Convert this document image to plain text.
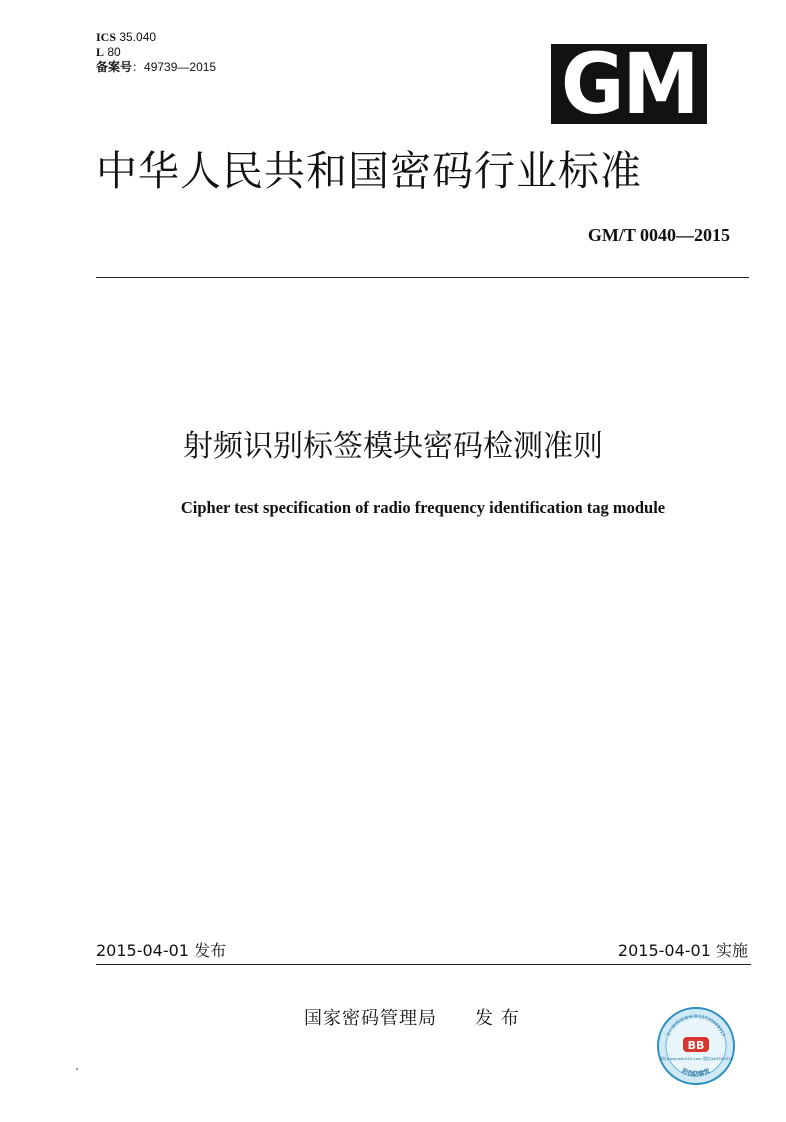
ICS 35.040
L 80
备案号：49739—2015	GM
中华人民共和国密码行业标准
GM/T 0040—2015
射频识别标签模块密码检测准则
Cipher test specification of radio frequency identification tag module
2015-04-01 发布	2015-04-01 实施
国家密码管理局 发 布
专门销售国家标准13720069315
BB
网址www.zzbz315.com 微信jkk9590315
防伪防窜货
